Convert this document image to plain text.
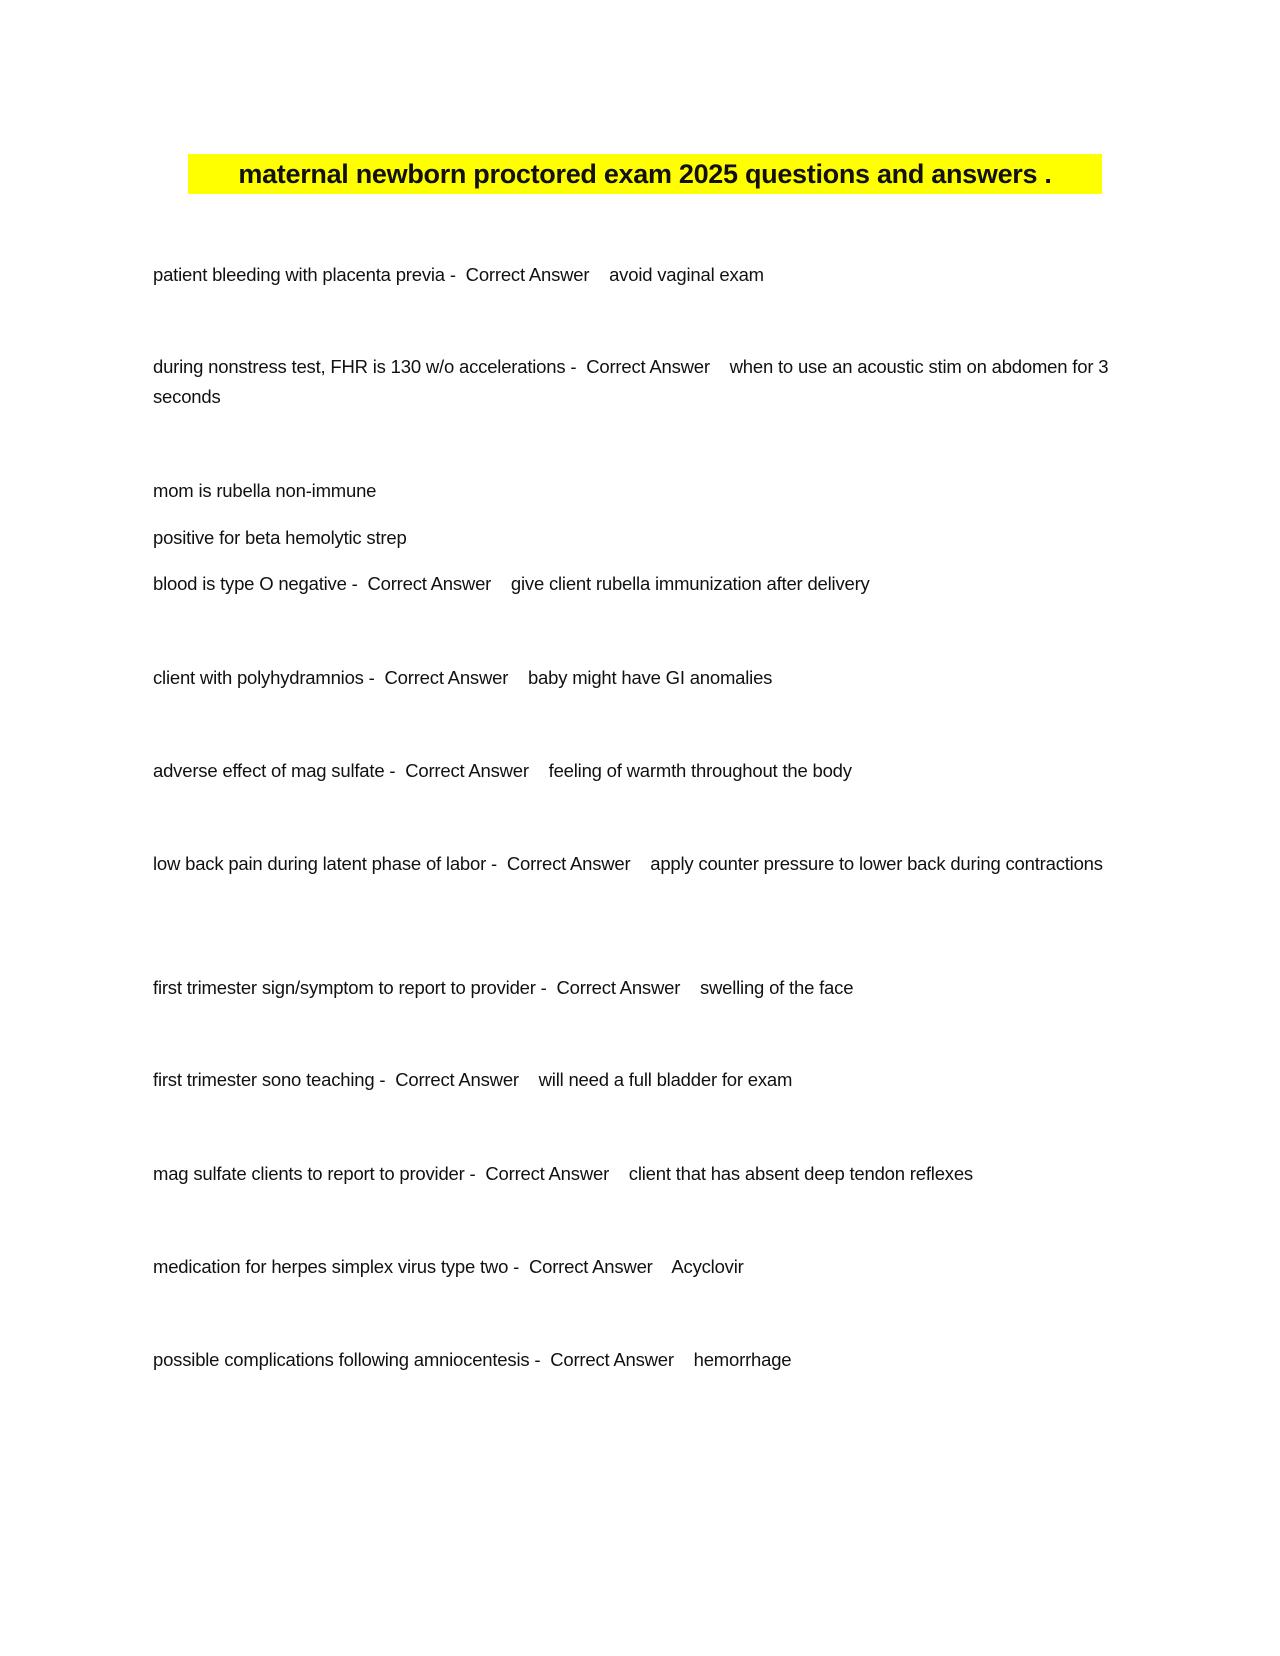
maternal newborn proctored exam 2025 questions and answers .
patient bleeding with placenta previa -  Correct Answer    avoid vaginal exam
during nonstress test, FHR is 130 w/o accelerations -  Correct Answer    when to use an acoustic stim on abdomen for 3 seconds
mom is rubella non-immune
positive for beta hemolytic strep
blood is type O negative -  Correct Answer    give client rubella immunization after delivery
client with polyhydramnios -  Correct Answer    baby might have GI anomalies
adverse effect of mag sulfate -  Correct Answer    feeling of warmth throughout the body
low back pain during latent phase of labor -  Correct Answer    apply counter pressure to lower back during contractions
first trimester sign/symptom to report to provider -  Correct Answer    swelling of the face
first trimester sono teaching -  Correct Answer    will need a full bladder for exam
mag sulfate clients to report to provider -  Correct Answer    client that has absent deep tendon reflexes
medication for herpes simplex virus type two -  Correct Answer    Acyclovir
possible complications following amniocentesis -  Correct Answer    hemorrhage
